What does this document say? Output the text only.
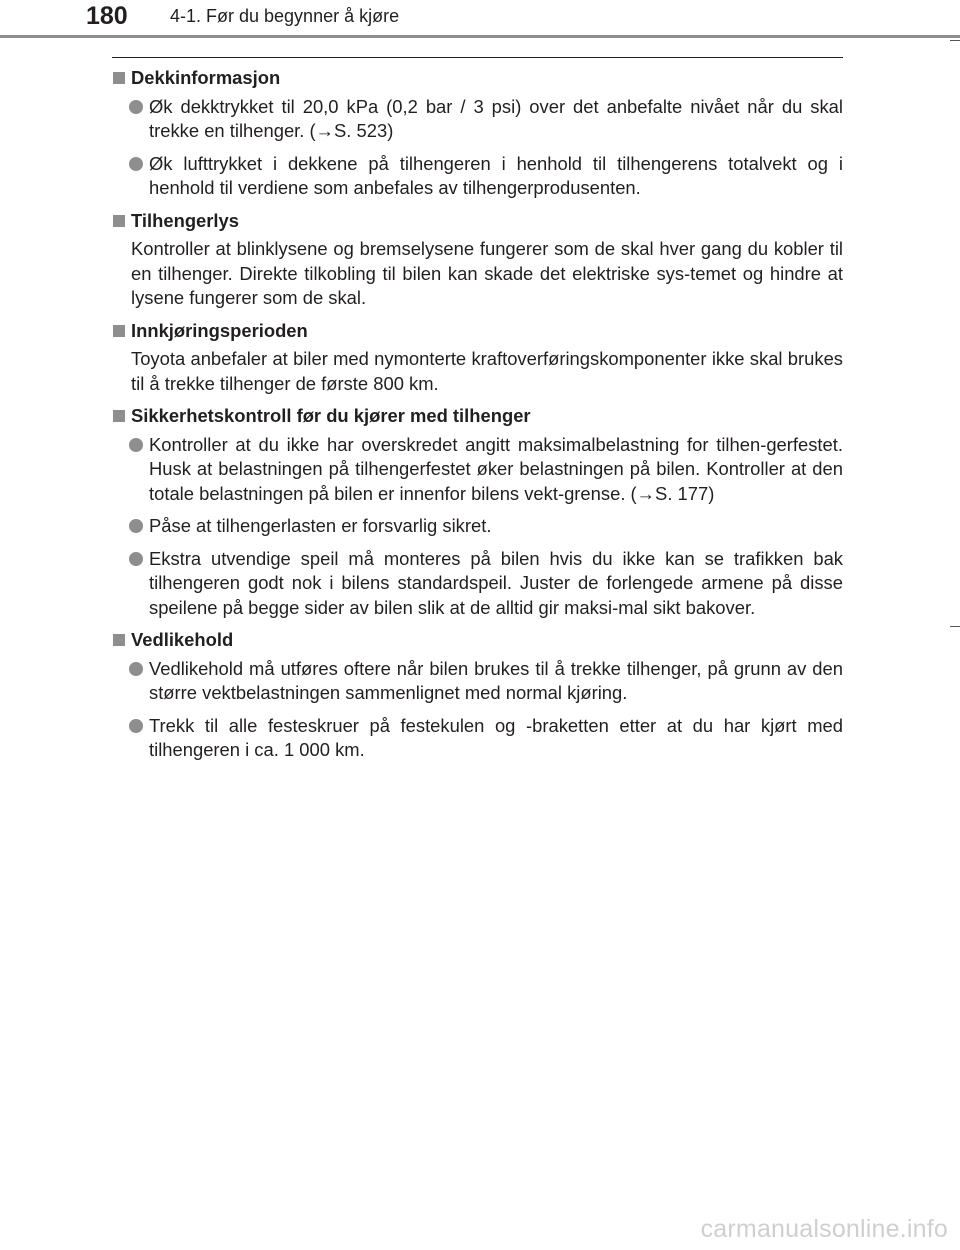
180 4-1. Før du begynner å kjøre
Dekkinformasjon
Øk dekktrykket til 20,0 kPa (0,2 bar / 3 psi) over det anbefalte nivået når du skal trekke en tilhenger. (→S. 523)
Øk lufttrykket i dekkene på tilhengeren i henhold til tilhengerens totalvekt og i henhold til verdiene som anbefales av tilhengerprodusenten.
Tilhengerlys
Kontroller at blinklysene og bremselysene fungerer som de skal hver gang du kobler til en tilhenger. Direkte tilkobling til bilen kan skade det elektriske sys-temet og hindre at lysene fungerer som de skal.
Innkjøringsperioden
Toyota anbefaler at biler med nymonterte kraftoverføringskomponenter ikke skal brukes til å trekke tilhenger de første 800 km.
Sikkerhetskontroll før du kjører med tilhenger
Kontroller at du ikke har overskredet angitt maksimalbelastning for tilhen-gerfestet. Husk at belastningen på tilhengerfestet øker belastningen på bilen. Kontroller at den totale belastningen på bilen er innenfor bilens vekt-grense. (→S. 177)
Påse at tilhengerlasten er forsvarlig sikret.
Ekstra utvendige speil må monteres på bilen hvis du ikke kan se trafikken bak tilhengeren godt nok i bilens standardspeil. Juster de forlengede armene på disse speilene på begge sider av bilen slik at de alltid gir maksi-mal sikt bakover.
Vedlikehold
Vedlikehold må utføres oftere når bilen brukes til å trekke tilhenger, på grunn av den større vektbelastningen sammenlignet med normal kjøring.
Trekk til alle festeskruer på festekulen og -braketten etter at du har kjørt med tilhengeren i ca. 1 000 km.
carmanualsonline.info
